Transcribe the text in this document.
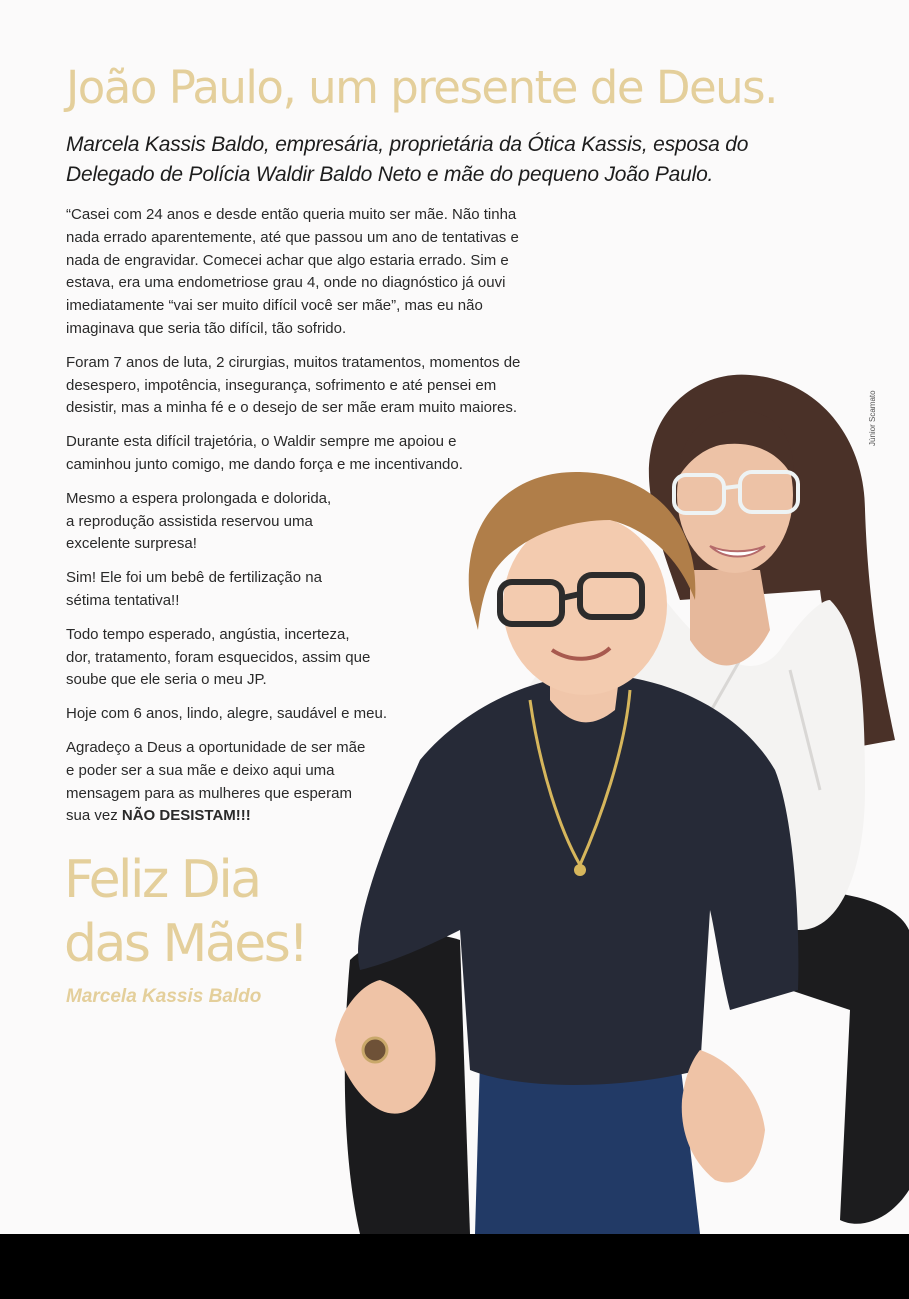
João Paulo, um presente de Deus.
Marcela Kassis Baldo, empresária, proprietária da Ótica Kassis, esposa do Delegado de Polícia Waldir Baldo Neto e mãe do pequeno João Paulo.

“Casei com 24 anos e desde então queria muito ser mãe. Não tinha nada errado aparentemente, até que passou um ano de tentativas e nada de engravidar. Comecei achar que algo estaria errado. Sim e estava, era uma endometriose grau 4, onde no diagnóstico já ouvi imediatamente “vai ser muito difícil você ser mãe”, mas eu não imaginava que seria tão difícil, tão sofrido.

Foram 7 anos de luta, 2 cirurgias, muitos tratamentos, momentos de desespero, impotência, insegurança, sofrimento e até pensei em desistir, mas a minha fé e o desejo de ser mãe eram muito maiores.

Durante esta difícil trajetória, o Waldir sempre me apoiou e caminhou junto comigo, me dando força e me incentivando.

Mesmo a espera prolongada e dolorida, a reprodução assistida reservou uma excelente surpresa!

Sim! Ele foi um bebê de fertilização na sétima tentativa!!

Todo tempo esperado, angústia, incerteza, dor, tratamento, foram esquecidos, assim que soube que ele seria o meu JP.

Hoje com 6 anos, lindo, alegre, saudável e meu.

Agradeço a Deus a oportunidade de ser mãe e poder ser a sua mãe e deixo aqui uma mensagem para as mulheres que esperam sua vez NÃO DESISTAM!!!

Feliz Dia
das Mães!
Marcela Kassis Baldo
Júnior Scamato
